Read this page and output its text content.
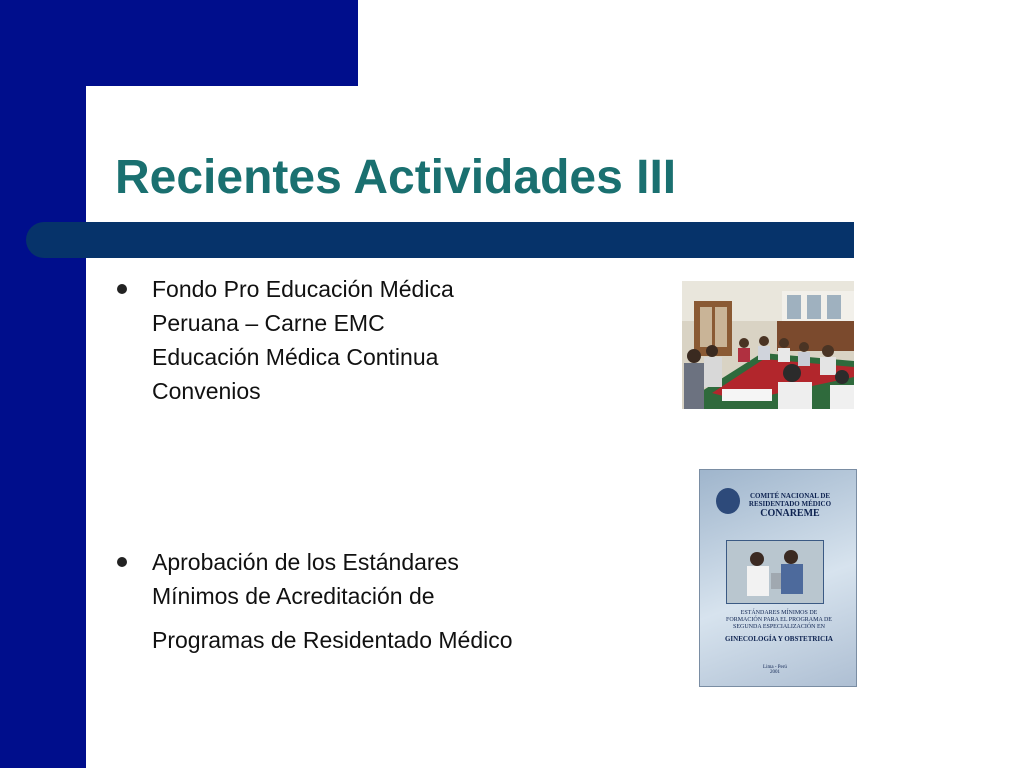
Recientes Actividades III
Fondo Pro Educación Médica
Peruana – Carne EMC
Educación Médica Continua
Convenios
Aprobación de los Estándares
Mínimos de Acreditación de
Programas de Residentado Médico
COMITÉ NACIONAL DE
RESIDENTADO MÉDICO
CONAREME
ESTÁNDARES MÍNIMOS DE
FORMACIÓN PARA EL PROGRAMA DE
SEGUNDA ESPECIALIZACIÓN EN
GINECOLOGÍA Y OBSTETRICIA
Lima - Perú
2001
